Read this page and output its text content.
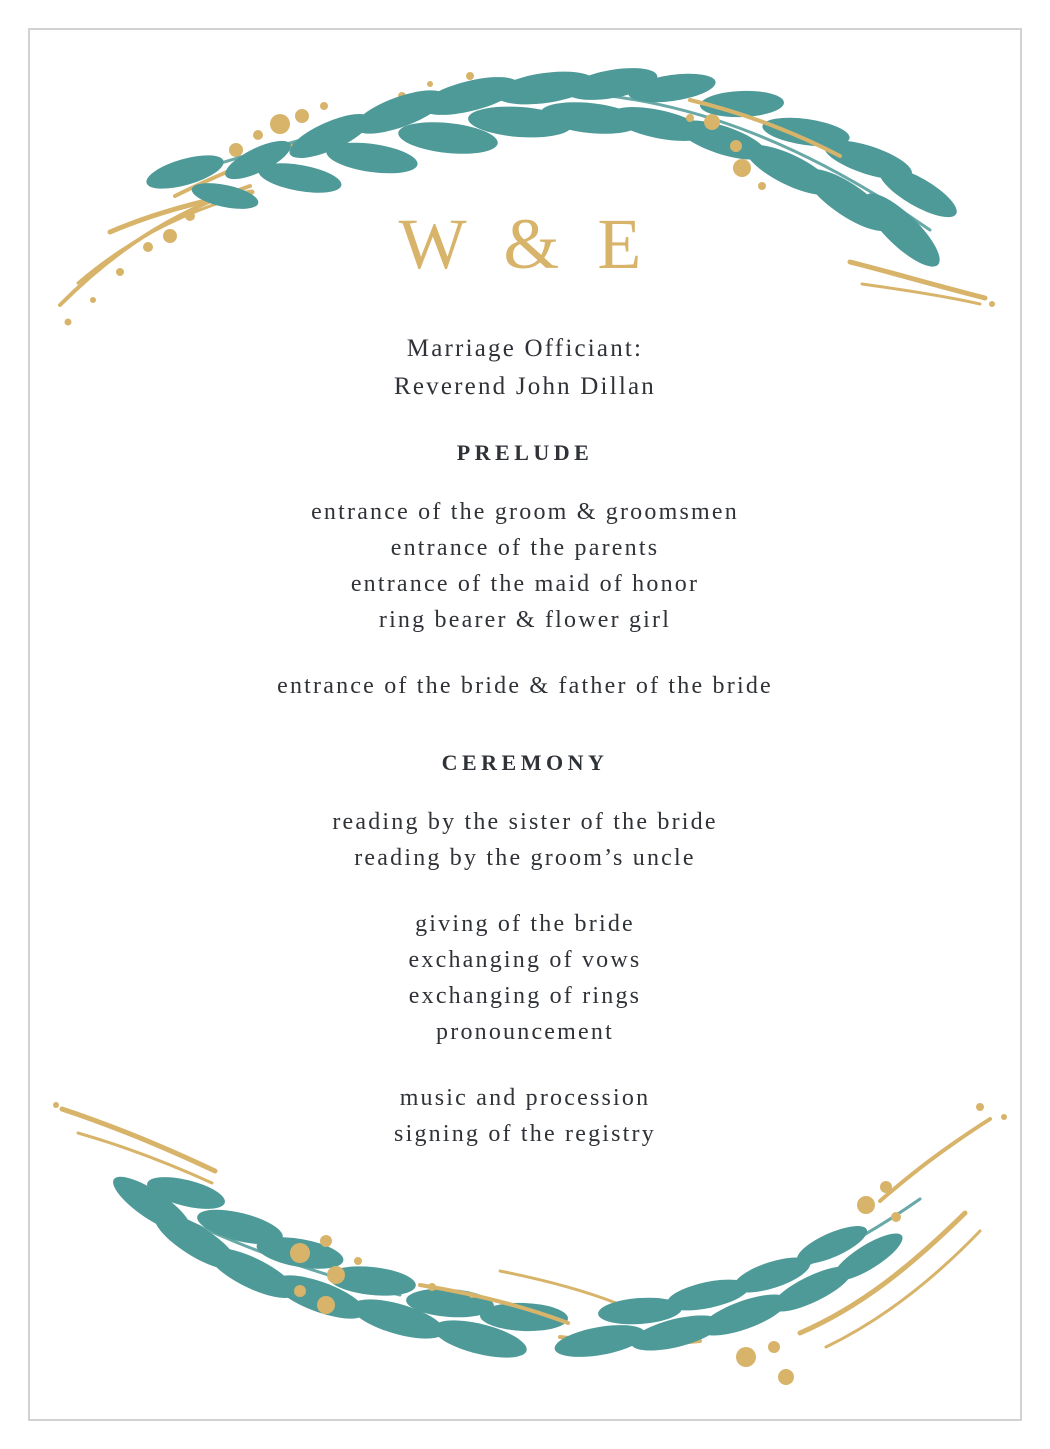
W & E
Marriage Officiant:
Reverend John Dillan
PRELUDE
entrance of the groom & groomsmen
entrance of the parents
entrance of the maid of honor
ring bearer & flower girl
entrance of the bride & father of the bride
CEREMONY
reading by the sister of the bride
reading by the groom’s uncle
giving of the bride
exchanging of vows
exchanging of rings
pronouncement
music and procession
signing of the registry
